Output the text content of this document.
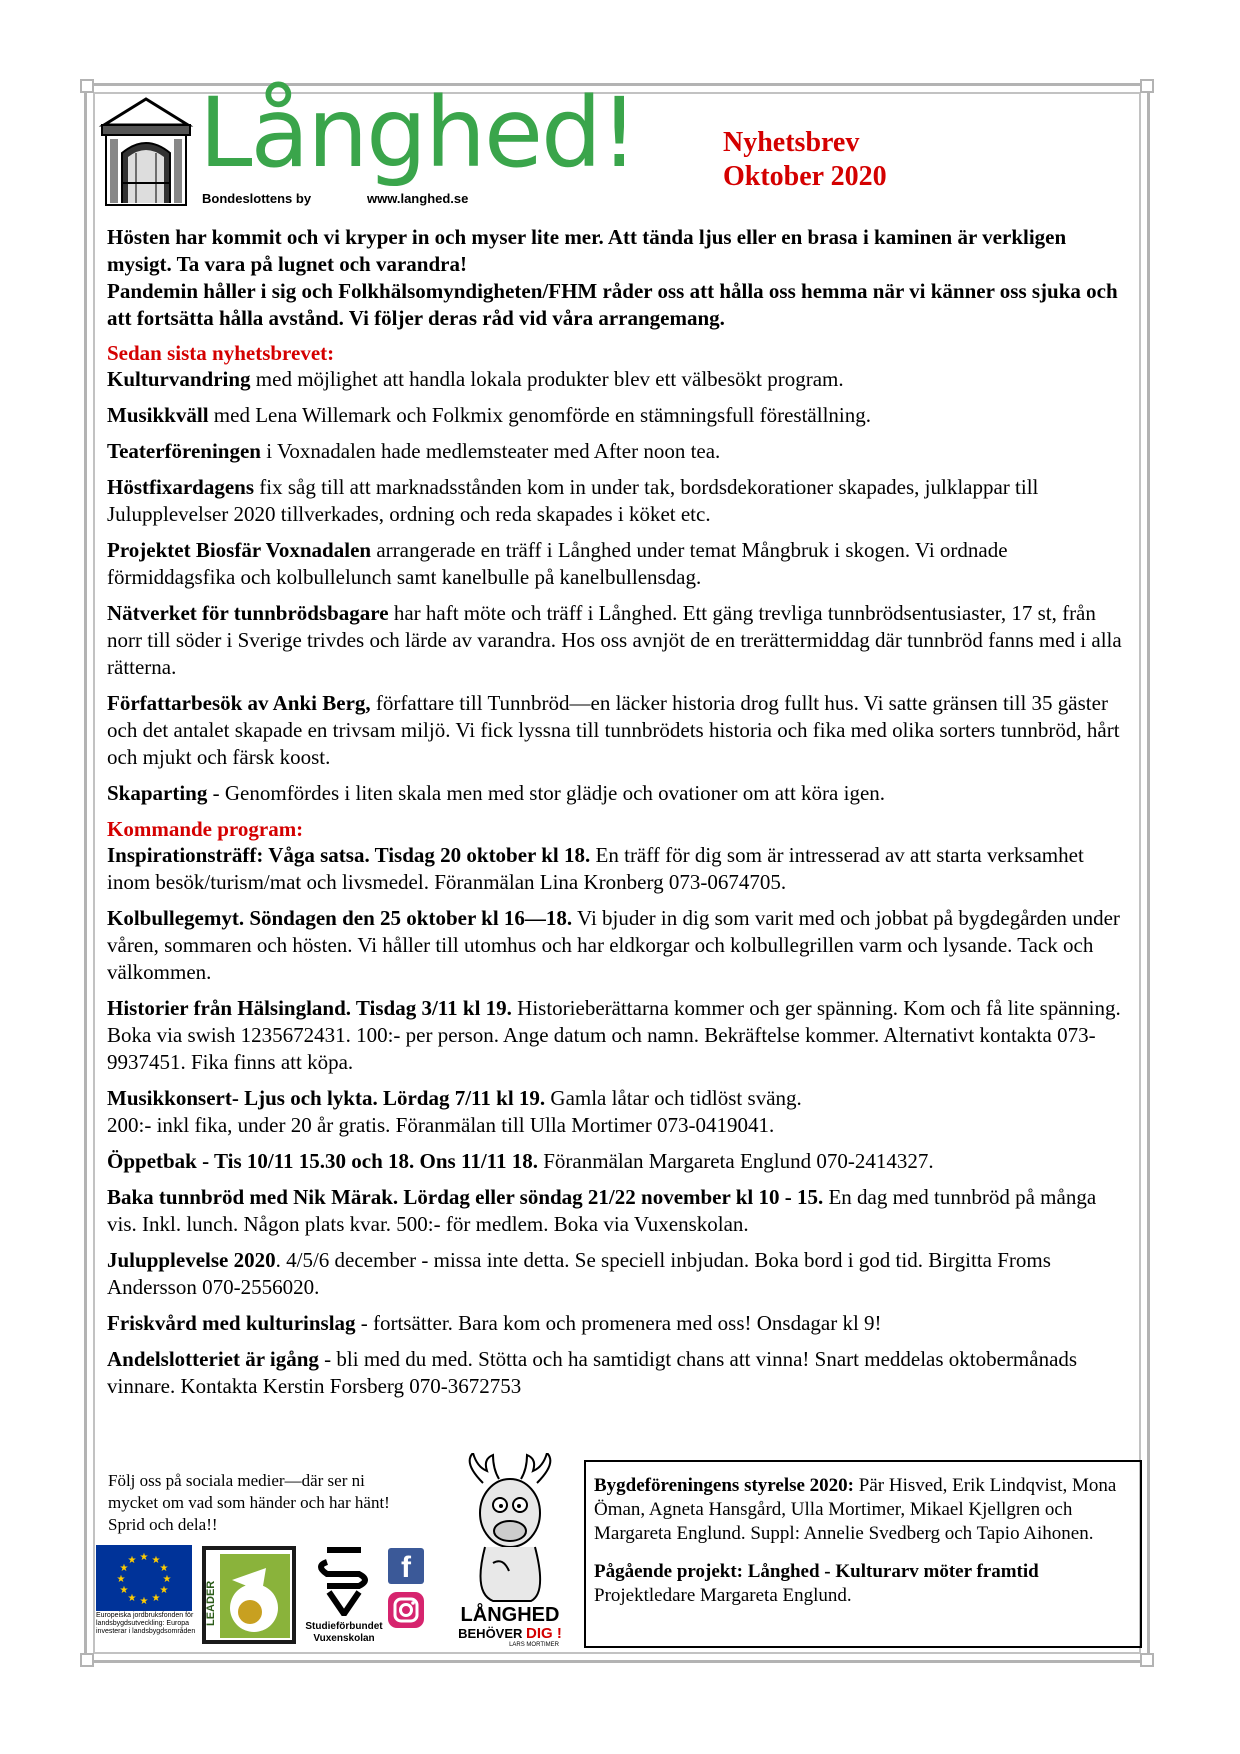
Långhed!
Bondeslottens by	www.langhed.se
Nyhetsbrev
Oktober 2020
Hösten har kommit och vi kryper in och myser lite mer. Att tända ljus eller en brasa i kaminen är verkligen mysigt. Ta vara på lugnet och varandra!
Pandemin håller i sig och Folkhälsomyndigheten/FHM råder oss att hålla oss hemma när vi känner oss sjuka och att fortsätta hålla avstånd. Vi följer deras råd vid våra arrangemang.
Sedan sista nyhetsbrevet:

Kulturvandring med möjlighet att handla lokala produkter blev ett välbesökt program.

Musikkväll med Lena Willemark och Folkmix genomförde en stämningsfull föreställning.

Teaterföreningen i Voxnadalen hade medlemsteater med After noon tea.

Höstfixardagens fix såg till att marknadsstånden kom in under tak, bordsdekorationer skapades, julklappar till Julupplevelser 2020 tillverkades, ordning och reda skapades i köket etc.

Projektet Biosfär Voxnadalen arrangerade en träff i Långhed under temat Mångbruk i skogen. Vi ordnade förmiddagsfika och kolbullelunch samt kanelbulle på kanelbullensdag.

Nätverket för tunnbrödsbagare har haft möte och träff i Långhed. Ett gäng trevliga tunnbrödsentusiaster, 17 st, från norr till söder i Sverige trivdes och lärde av varandra. Hos oss avnjöt de en trerättermiddag där tunnbröd fanns med i alla rätterna.

Författarbesök av Anki Berg, författare till Tunnbröd—en läcker historia drog fullt hus. Vi satte gränsen till 35 gäster och det antalet skapade en trivsam miljö. Vi fick lyssna till tunnbrödets historia och fika med olika sorters tunnbröd, hårt och mjukt och färsk koost.

Skaparting - Genomfördes i liten skala men med stor glädje och ovationer om att köra igen.

Kommande program:

Inspirationsträff: Våga satsa. Tisdag 20 oktober kl 18. En träff för dig som är intresserad av att starta verksamhet inom besök/turism/mat och livsmedel. Föranmälan Lina Kronberg 073-0674705.

Kolbullegemyt. Söndagen den 25 oktober kl 16—18. Vi bjuder in dig som varit med och jobbat på bygdegården under våren, sommaren och hösten. Vi håller till utomhus och har eldkorgar och kolbullegrillen varm och lysande. Tack och välkommen.

Historier från Hälsingland. Tisdag 3/11 kl 19. Historieberättarna kommer och ger spänning. Kom och få lite spänning. Boka via swish 1235672431. 100:- per person. Ange datum och namn. Bekräftelse kommer. Alternativt kontakta 073-9937451. Fika finns att köpa.

Musikkonsert- Ljus och lykta. Lördag 7/11 kl 19. Gamla låtar och tidlöst sväng.
200:- inkl fika, under 20 år gratis. Föranmälan till Ulla Mortimer 073-0419041.

Öppetbak - Tis 10/11 15.30 och 18. Ons 11/11 18. Föranmälan Margareta Englund 070-2414327.

Baka tunnbröd med Nik Märak. Lördag eller söndag 21/22 november kl 10 - 15. En dag med tunnbröd på många vis. Inkl. lunch. Någon plats kvar. 500:- för medlem. Boka via Vuxenskolan.

Julupplevelse 2020. 4/5/6 december - missa inte detta. Se speciell inbjudan. Boka bord i god tid. Birgitta Froms Andersson 070-2556020.

Friskvård med kulturinslag - fortsätter. Bara kom och promenera med oss! Onsdagar kl 9!

Andelslotteriet är igång - bli med du med. Stötta och ha samtidigt chans att vinna! Snart meddelas oktobermånads vinnare. Kontakta Kerstin Forsberg 070-3672753

Följ oss på sociala medier—där ser ni mycket om vad som händer och har hänt! Sprid och dela!!
★ ★
★
★
★
★
★
★
★
★
★
★
Europeiska jordbruksfonden för landsbygdsutveckling: Europa investerar i landsbygdsområden
LEADER
Studieförbundet
Vuxenskolan
f
LÅNGHED
BEHÖVER DIG !
LARS MORTIMER

Bygdeföreningens styrelse 2020: Pär Hisved, Erik Lindqvist, Mona Öman, Agneta Hansgård, Ulla Mortimer, Mikael Kjellgren och Margareta Englund. Suppl: Annelie Svedberg och Tapio Aihonen.

Pågående projekt: Långhed - Kulturarv möter framtid
Projektledare Margareta Englund.
